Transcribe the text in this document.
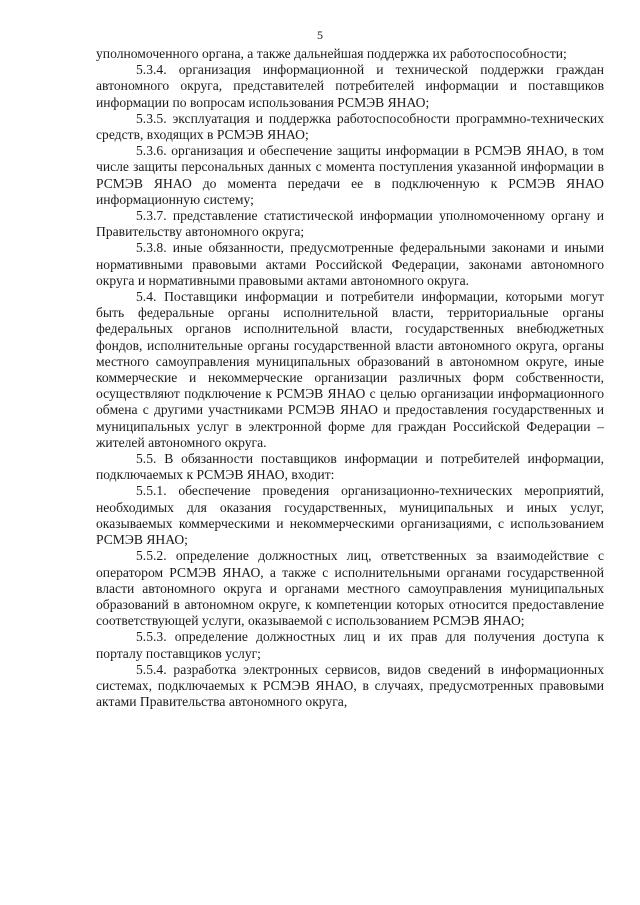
5

уполномоченного органа, а также дальнейшая поддержка их работоспособности;

5.3.4. организация информационной и технической поддержки граждан автономного округа, представителей потребителей информации и поставщиков информации по вопросам использования РСМЭВ ЯНАО;

5.3.5. эксплуатация и поддержка работоспособности программно-технических средств, входящих в РСМЭВ ЯНАО;

5.3.6. организация и обеспечение защиты информации в РСМЭВ ЯНАО, в том числе защиты персональных данных с момента поступления указанной информации в РСМЭВ ЯНАО до момента передачи ее в подключенную к РСМЭВ ЯНАО информационную систему;

5.3.7. представление статистической информации уполномоченному органу и Правительству автономного округа;

5.3.8. иные обязанности, предусмотренные федеральными законами и иными нормативными правовыми актами Российской Федерации, законами автономного округа и нормативными правовыми актами автономного округа.

5.4. Поставщики информации и потребители информации, которыми могут быть федеральные органы исполнительной власти, территориальные органы федеральных органов исполнительной власти, государственных внебюджетных фондов, исполнительные органы государственной власти автономного округа, органы местного самоуправления муниципальных образований в автономном округе, иные коммерческие и некоммерческие организации различных форм собственности, осуществляют подключение к РСМЭВ ЯНАО с целью организации информационного обмена с другими участниками РСМЭВ ЯНАО и предоставления государственных и муниципальных услуг в электронной форме для граждан Российской Федерации – жителей автономного округа.

5.5. В обязанности поставщиков информации и потребителей информации, подключаемых к РСМЭВ ЯНАО, входит:

5.5.1. обеспечение проведения организационно-технических мероприятий, необходимых для оказания государственных, муниципальных и иных услуг, оказываемых коммерческими и некоммерческими организациями, с использованием РСМЭВ ЯНАО;

5.5.2. определение должностных лиц, ответственных за взаимодействие с оператором РСМЭВ ЯНАО, а также с исполнительными органами государственной власти автономного округа и органами местного самоуправления муниципальных образований в автономном округе, к компетенции которых относится предоставление соответствующей услуги, оказываемой с использованием РСМЭВ ЯНАО;

5.5.3. определение должностных лиц и их прав для получения доступа к порталу поставщиков услуг;

5.5.4. разработка электронных сервисов, видов сведений в информационных системах, подключаемых к РСМЭВ ЯНАО, в случаях, предусмотренных правовыми актами Правительства автономного округа,
